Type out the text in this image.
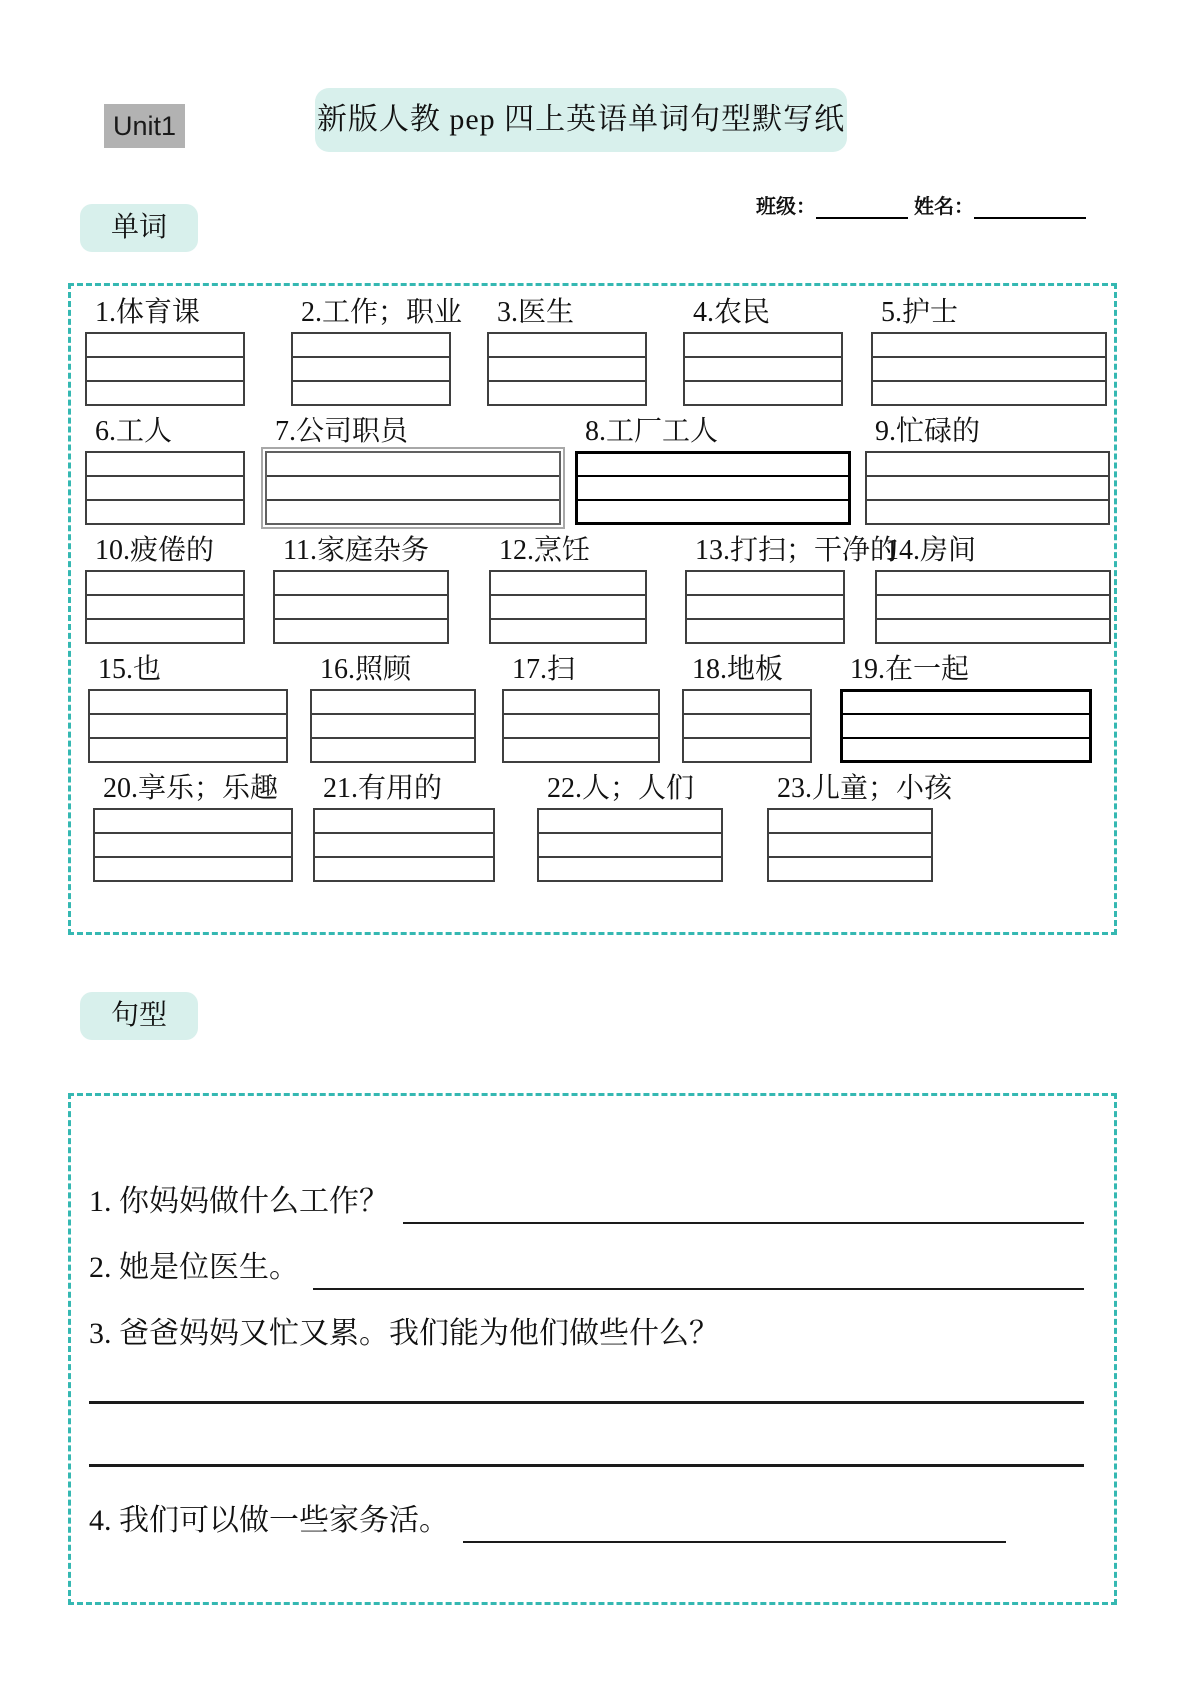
Unit1	新版人教 pep 四上英语单词句型默写纸
班级：	姓名：
单词
1.体育课	2.工作；职业	3.医生	4.农民	5.护士
6.工人	7.公司职员	8.工厂工人	9.忙碌的
10.疲倦的	11.家庭杂务	12.烹饪	13.打扫；干净的
14.房间
15.也	16.照顾	17.扫	18.地板	19.在一起
20.享乐；乐趣	21.有用的	22.人；人们	23.儿童；小孩
句型
1. 你妈妈做什么工作？
2. 她是位医生。
3. 爸爸妈妈又忙又累。我们能为他们做些什么？
4. 我们可以做一些家务活。
